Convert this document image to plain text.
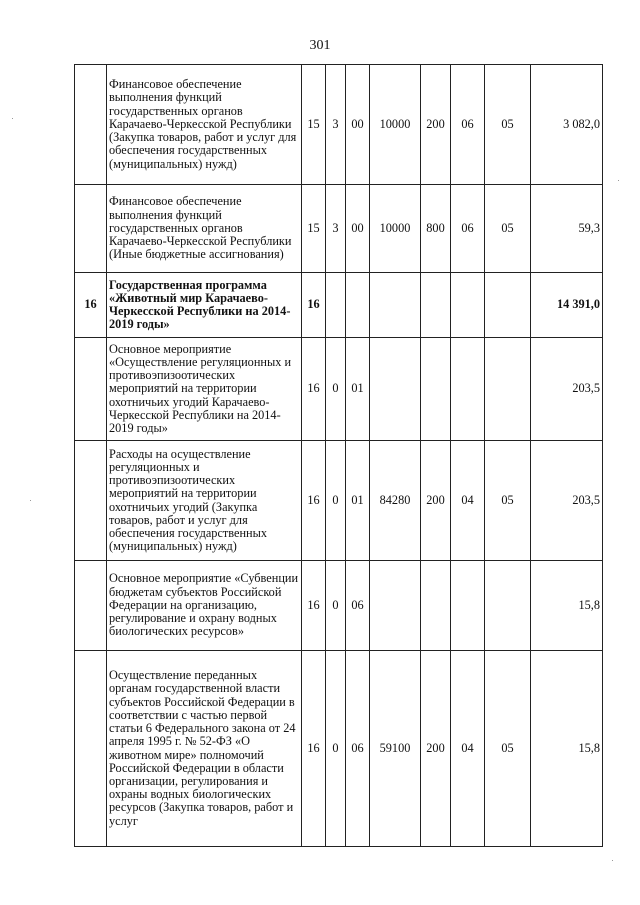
301
	Финансовое обеспечение выполнения функций государственных органов Карачаево-Черкесской Республики (Закупка товаров, работ и услуг для обеспечения государственных (муниципальных) нужд)	15	3	00	10000	200	06	05	3 082,0
	Финансовое обеспечение выполнения функций государственных органов Карачаево-Черкесской Республики (Иные бюджетные ассигнования)	15	3	00	10000	800	06	05	59,3
16	Государственная программа «Животный мир Карачаево-Черкесской Республики на 2014-2019 годы»	16							14 391,0
	Основное мероприятие «Осуществление регуляционных и противоэпизоотических мероприятий на территории охотничьих угодий Карачаево-Черкесской Республики на 2014-2019 годы»	16	0	01					203,5
	Расходы на осуществление регуляционных и противоэпизоотических мероприятий на территории охотничьих угодий (Закупка товаров, работ и услуг для обеспечения государственных (муниципальных) нужд)	16	0	01	84280	200	04	05	203,5
	Основное мероприятие «Субвенции бюджетам субъектов Российской Федерации на организацию, регулирование и охрану водных биологических ресурсов»	16	0	06					15,8
	Осуществление переданных органам государственной власти субъектов Российской Федерации в соответствии с частью первой статьи 6 Федерального закона от 24 апреля 1995 г. № 52-ФЗ «О животном мире» полномочий Российской Федерации в области организации, регулирования и охраны водных биологических ресурсов (Закупка товаров, работ и услуг	16	0	06	59100	200	04	05	15,8
